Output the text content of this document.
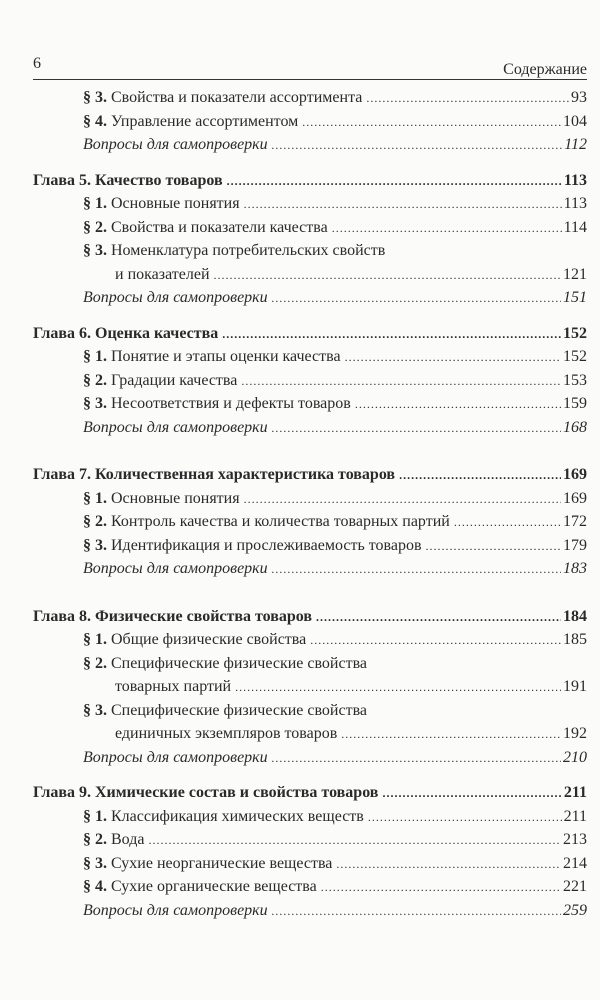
6	Содержание
§ 3. Свойства и показатели ассортимента .....	93
§ 4. Управление ассортиментом .....	104
Вопросы для самопроверки .....	112
Глава 5. Качество товаров .....	113
§ 1. Основные понятия .....	113
§ 2. Свойства и показатели качества .....	114
§ 3. Номенклатура потребительских свойств
и показателей .....	121
Вопросы для самопроверки .....	151
Глава 6. Оценка качества .....	152
§ 1. Понятие и этапы оценки качества .....	152
§ 2. Градации качества .....	153
§ 3. Несоответствия и дефекты товаров .....	159
Вопросы для самопроверки .....	168
Глава 7. Количественная характеристика товаров .....	169
§ 1. Основные понятия .....	169
§ 2. Контроль качества и количества товарных партий .....	172
§ 3. Идентификация и прослеживаемость товаров .....	179
Вопросы для самопроверки .....	183
Глава 8. Физические свойства товаров .....	184
§ 1. Общие физические свойства .....	185
§ 2. Специфические физические свойства
товарных партий .....	191
§ 3. Специфические физические свойства
единичных экземпляров товаров .....	192
Вопросы для самопроверки .....	210
Глава 9. Химические состав и свойства товаров .....	211
§ 1. Классификация химических веществ .....	211
§ 2. Вода .....	213
§ 3. Сухие неорганические вещества .....	214
§ 4. Сухие органические вещества .....	221
Вопросы для самопроверки .....	259
